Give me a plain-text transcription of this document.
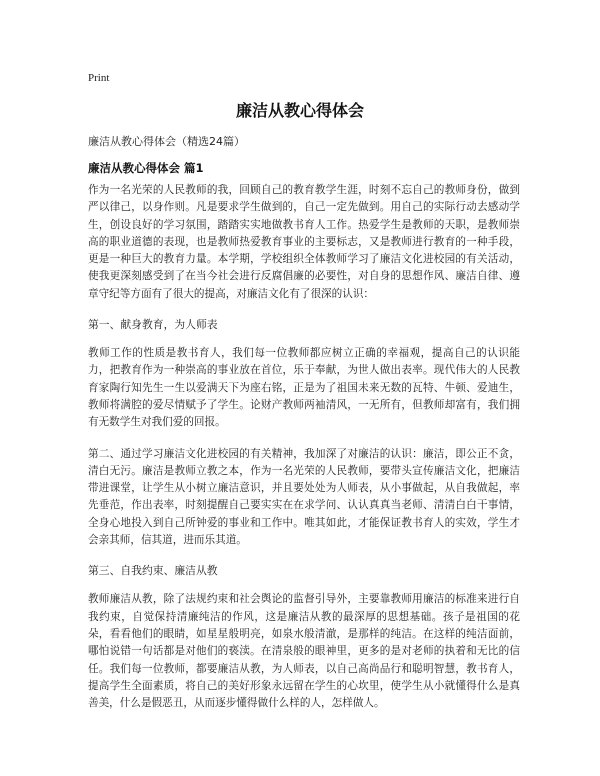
Print
廉洁从教心得体会
廉洁从教心得体会（精选24篇）
廉洁从教心得体会 篇1

作为一名光荣的人民教师的我，回顾自己的教育教学生涯，时刻不忘自己的教师身份，做到严以律己，以身作则。凡是要求学生做到的，自己一定先做到。用自己的实际行动去感动学生，创设良好的学习氛围，踏踏实实地做教书育人工作。热爱学生是教师的天职，是教师崇高的职业道德的表现，也是教师热爱教育事业的主要标志，又是教师进行教育的一种手段，更是一种巨大的教育力量。本学期，学校组织全体教师学习了廉洁文化进校园的有关活动，使我更深刻感受到了在当今社会进行反腐倡廉的必要性，对自身的思想作风、廉洁自律、遵章守纪等方面有了很大的提高，对廉洁文化有了很深的认识：

第一、献身教育，为人师表

教师工作的性质是教书育人，我们每一位教师都应树立正确的幸福观，提高自己的认识能力，把教育作为一种崇高的事业放在首位，乐于奉献，为世人做出表率。现代伟大的人民教育家陶行知先生一生以爱满天下为座右铭，正是为了祖国未来无数的瓦特、牛顿、爱迪生，教师将满腔的爱尽情赋予了学生。论财产教师两袖清风，一无所有，但教师却富有，我们拥有无数学生对我们爱的回报。

第二、通过学习廉洁文化进校园的有关精神，我加深了对廉洁的认识：廉洁，即公正不贪，清白无污。廉洁是教师立教之本，作为一名光荣的人民教师，要带头宣传廉洁文化，把廉洁带进课堂，让学生从小树立廉洁意识，并且要处处为人师表，从小事做起，从自我做起，率先垂范，作出表率，时刻提醒自己要实实在在求学问、认认真真当老师、清清白白干事情，全身心地投入到自己所钟爱的事业和工作中。唯其如此，才能保证教书育人的实效，学生才会亲其师，信其道，进而乐其道。

第三、自我约束、廉洁从教

教师廉洁从教，除了法规约束和社会舆论的监督引导外，主要靠教师用廉洁的标准来进行自我约束，自觉保持清廉纯洁的作风，这是廉洁从教的最深厚的思想基础。孩子是祖国的花朵，看看他们的眼睛，如星星般明亮，如泉水般清澈，是那样的纯洁。在这样的纯洁面前，哪怕说错一句话都是对他们的亵渎。在清泉般的眼神里，更多的是对老师的执着和无比的信任。我们每一位教师，都要廉洁从教，为人师表，以自己高尚品行和聪明智慧，教书育人，提高学生全面素质，将自己的美好形象永远留在学生的心坎里，使学生从小就懂得什么是真善美，什么是假恶丑，从而逐步懂得做什么样的人，怎样做人。
